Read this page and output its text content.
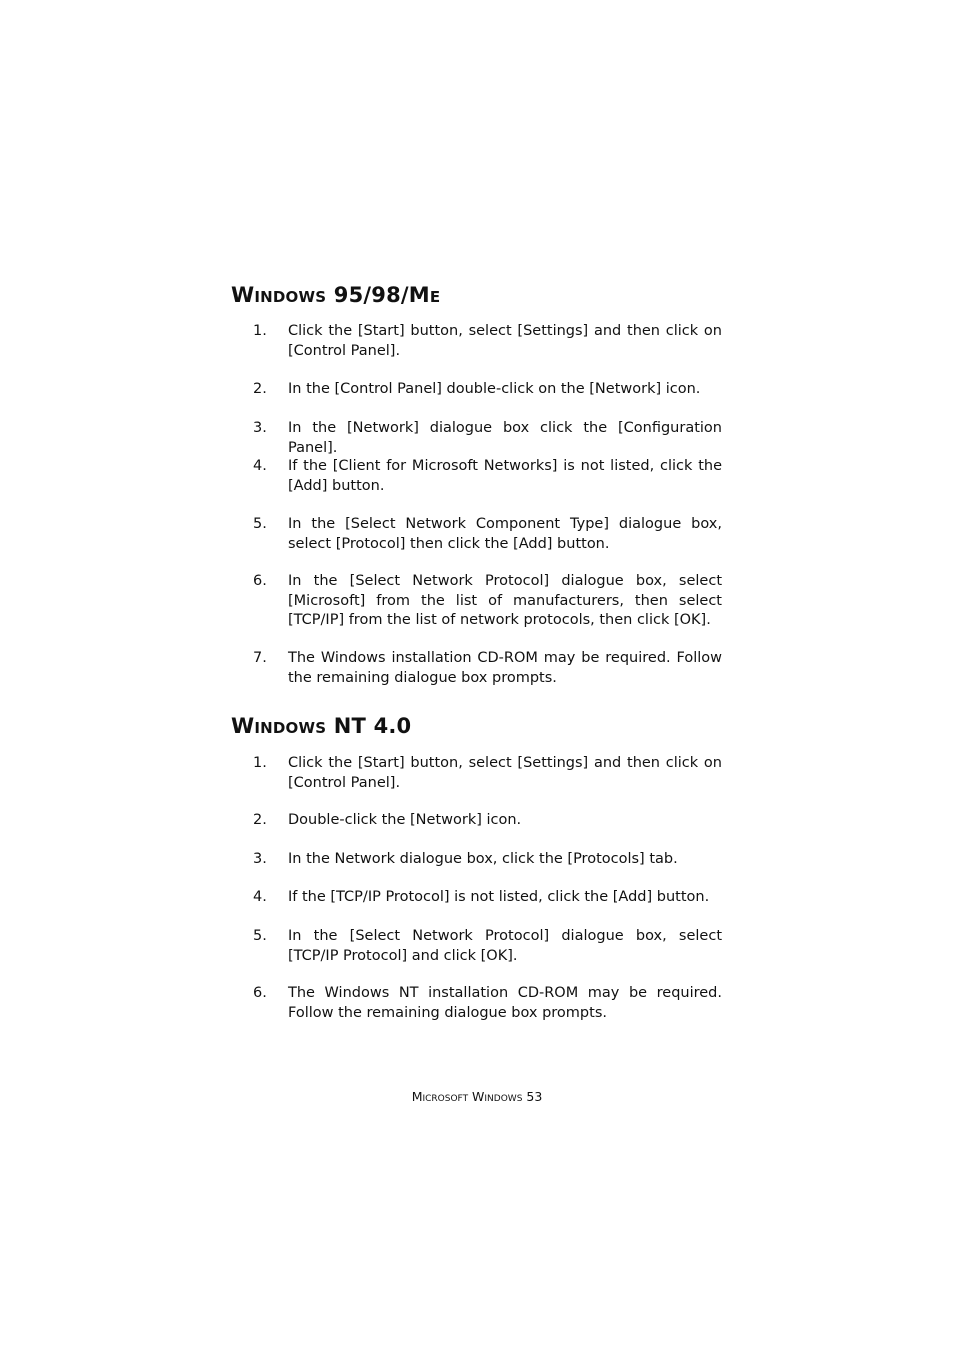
Windows 95/98/Me
1. Click the [Start] button, select [Settings] and then click on [Control Panel].
2. In the [Control Panel] double-click on the [Network] icon.
3. In the [Network] dialogue box click the [Configuration Panel].
4. If the [Client for Microsoft Networks] is not listed, click the [Add] button.
5. In the [Select Network Component Type] dialogue box, select [Protocol] then click the [Add] button.
6. In the [Select Network Protocol] dialogue box, select [Microsoft] from the list of manufacturers, then select [TCP/IP] from the list of network protocols, then click [OK].
7. The Windows installation CD-ROM may be required. Follow the remaining dialogue box prompts.
Windows NT 4.0
1. Click the [Start] button, select [Settings] and then click on [Control Panel].
2. Double-click the [Network] icon.
3. In the Network dialogue box, click the [Protocols] tab.
4. If the [TCP/IP Protocol] is not listed, click the [Add] button.
5. In the [Select Network Protocol] dialogue box, select [TCP/IP Protocol] and click [OK].
6. The Windows NT installation CD-ROM may be required. Follow the remaining dialogue box prompts.
Microsoft Windows 53
